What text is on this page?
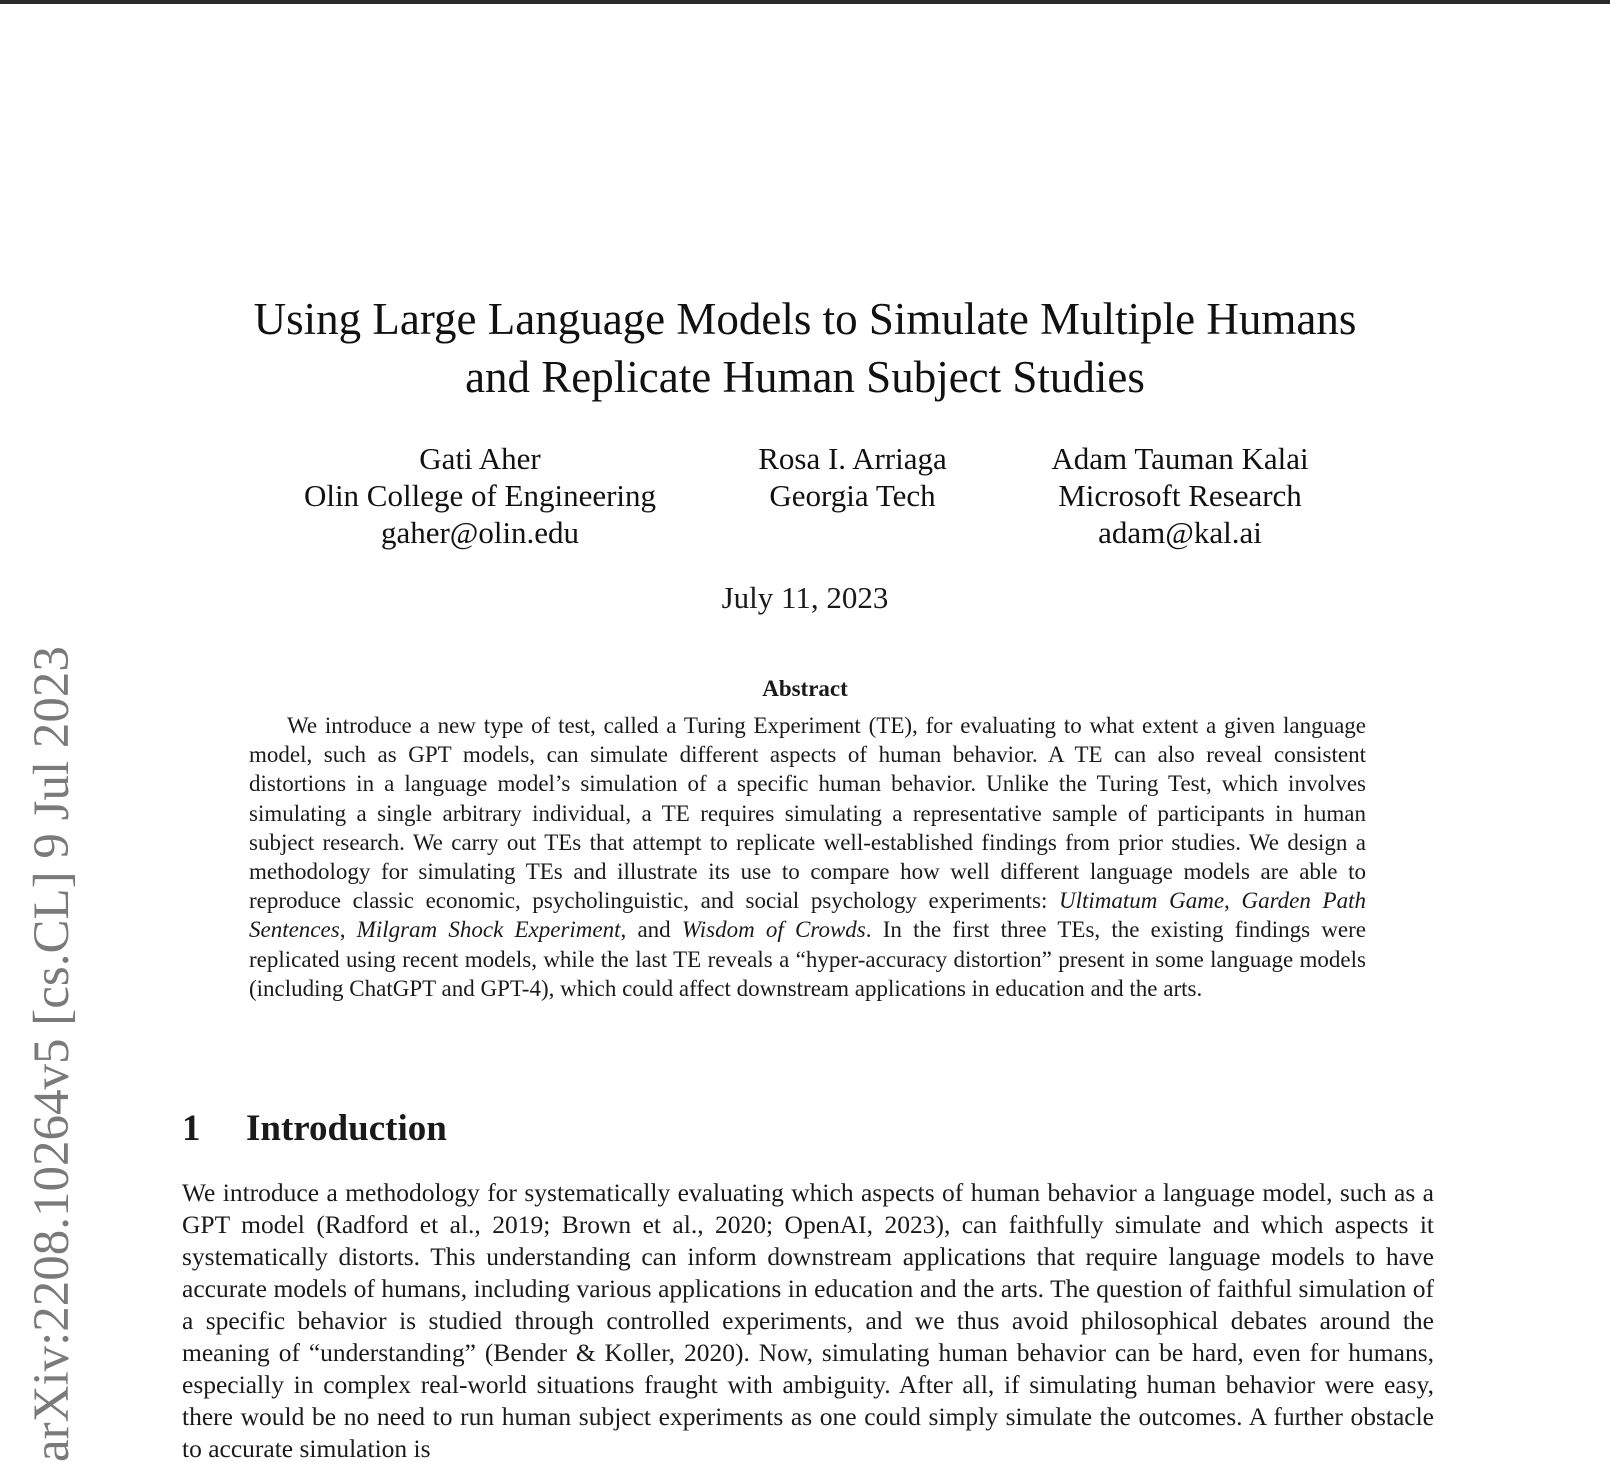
arXiv:2208.10264v5 [cs.CL] 9 Jul 2023
Using Large Language Models to Simulate Multiple Humans
and Replicate Human Subject Studies
Gati Aher
Olin College of Engineering
gaher@olin.edu
Rosa I. Arriaga
Georgia Tech
Adam Tauman Kalai
Microsoft Research
adam@kal.ai
July 11, 2023
Abstract
We introduce a new type of test, called a Turing Experiment (TE), for evaluating to what extent a given language model, such as GPT models, can simulate different aspects of human behavior. A TE can also reveal consistent distortions in a language model’s simulation of a specific human behavior. Unlike the Turing Test, which involves simulating a single arbitrary individual, a TE requires simulating a representative sample of participants in human subject research. We carry out TEs that attempt to replicate well-established findings from prior studies. We design a methodology for simulating TEs and illustrate its use to compare how well different language models are able to reproduce classic economic, psycholinguistic, and social psychology experiments: Ultimatum Game, Garden Path Sentences, Milgram Shock Experiment, and Wisdom of Crowds. In the first three TEs, the existing findings were replicated using recent models, while the last TE reveals a “hyper-accuracy distortion” present in some language models (including ChatGPT and GPT-4), which could affect downstream applications in education and the arts.
1 Introduction
We introduce a methodology for systematically evaluating which aspects of human behavior a language model, such as a GPT model (Radford et al., 2019; Brown et al., 2020; OpenAI, 2023), can faithfully simulate and which aspects it systematically distorts. This understanding can inform downstream applications that require language models to have accurate models of humans, including various applications in education and the arts. The question of faithful simulation of a specific behavior is studied through controlled experiments, and we thus avoid philosophical debates around the meaning of “understanding” (Bender & Koller, 2020). Now, simulating human behavior can be hard, even for humans, especially in complex real-world situations fraught with ambiguity. After all, if simulating human behavior were easy, there would be no need to run human subject experiments as one could simply simulate the outcomes. A further obstacle to accurate simulation is
